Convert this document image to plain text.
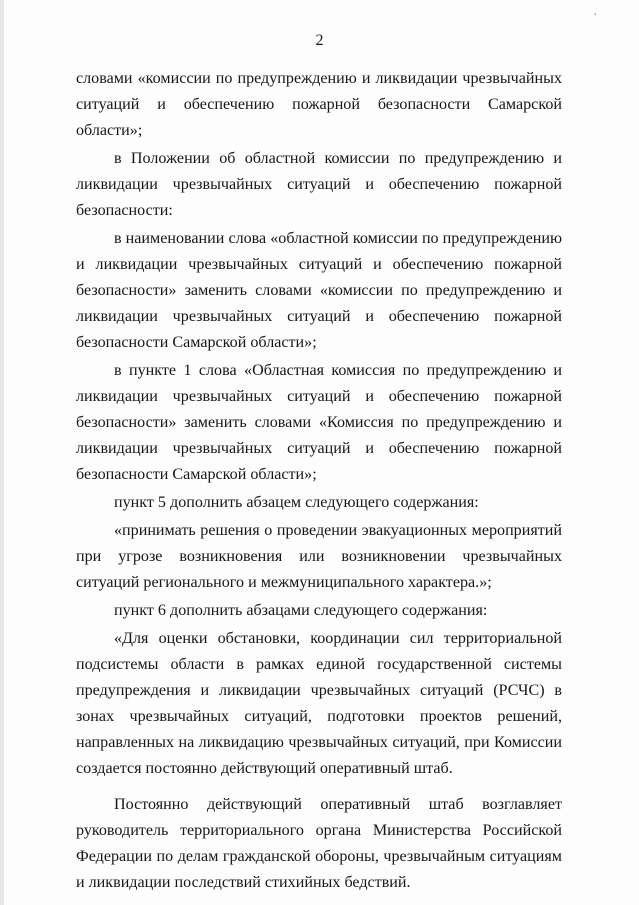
ˋ
2

словами «комиссии по предупреждению и ликвидации чрезвычайных ситуаций и обеспечению пожарной безопасности Самарской области»;

в Положении об областной комиссии по предупреждению и ликвидации чрезвычайных ситуаций и обеспечению пожарной безопасности:

в наименовании слова «областной комиссии по предупреждению и ликвидации чрезвычайных ситуаций и обеспечению пожарной безопасности» заменить словами «комиссии по предупреждению и ликвидации чрезвычайных ситуаций и обеспечению пожарной безопасности Самарской области»;

в пункте 1 слова «Областная комиссия по предупреждению и ликвидации чрезвычайных ситуаций и обеспечению пожарной безопасности» заменить словами «Комиссия по предупреждению и ликвидации чрезвычайных ситуаций и обеспечению пожарной безопасности Самарской области»;

пункт 5 дополнить абзацем следующего содержания:

«принимать решения о проведении эвакуационных мероприятий при угрозе возникновения или возникновении чрезвычайных ситуаций регионального и межмуниципального характера.»;

пункт 6 дополнить абзацами следующего содержания:

«Для оценки обстановки, координации сил территориальной подсистемы области в рамках единой государственной системы предупреждения и ликвидации чрезвычайных ситуаций (РСЧС) в зонах чрезвычайных ситуаций, подготовки проектов решений, направленных на ликвидацию чрезвычайных ситуаций, при Комиссии создается постоянно действующий оперативный штаб.

Постоянно действующий оперативный штаб возглавляет руководитель территориального органа Министерства Российской Федерации по делам гражданской обороны, чрезвычайным ситуациям и ликвидации последствий стихийных бедствий.
